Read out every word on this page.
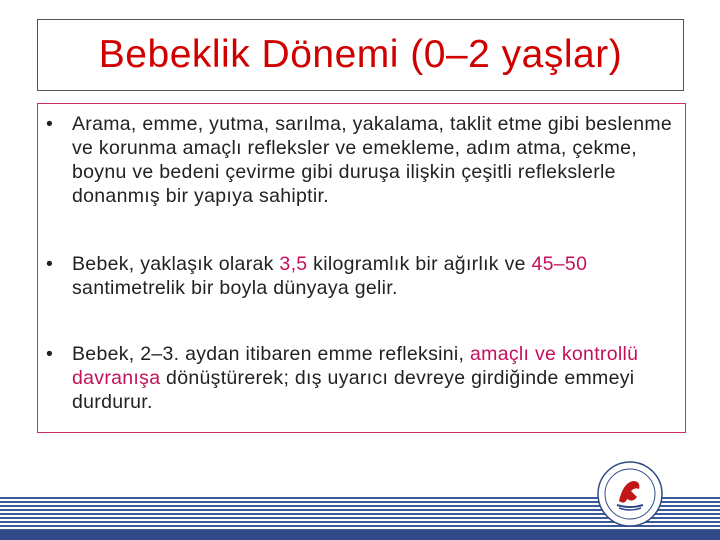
Bebeklik Dönemi (0–2 yaşlar)
• Arama, emme, yutma, sarılma, yakalama, taklit etme gibi beslenme ve korunma amaçlı refleksler ve emekleme, adım atma, çekme, boynu ve bedeni çevirme gibi duruşa ilişkin çeşitli reflekslerle donanmış bir yapıya sahiptir.
• Bebek, yaklaşık olarak 3,5 kilogramlık bir ağırlık ve 45–50 santimetrelik bir boyla dünyaya gelir.
• Bebek, 2–3. aydan itibaren emme refleksini, amaçlı ve kontrollü davranışa dönüştürerek; dış uyarıcı devreye girdiğinde emmeyi durdurur.
